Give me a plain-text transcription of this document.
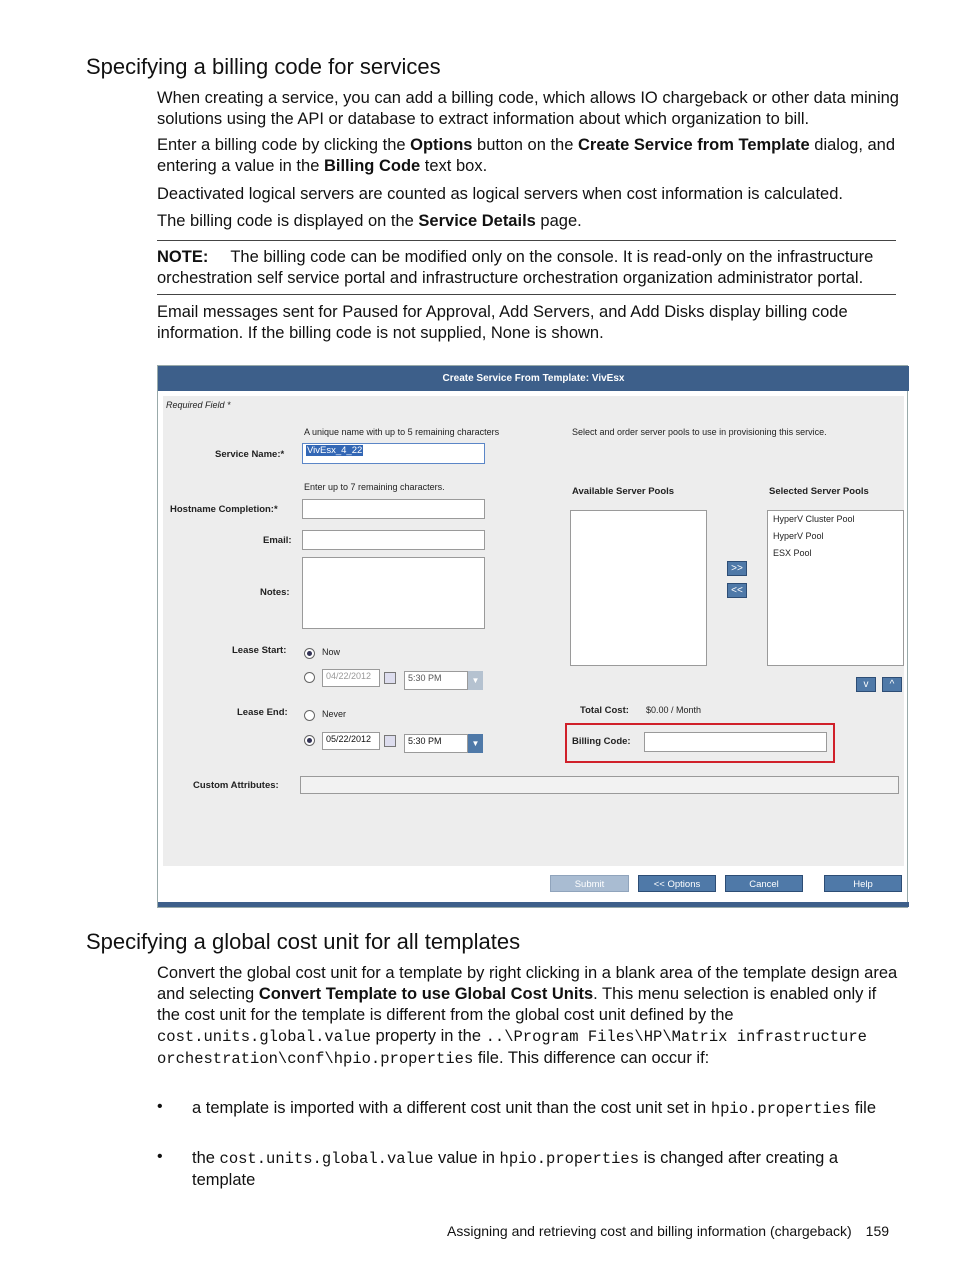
Specifying a billing code for services

When creating a service, you can add a billing code, which allows IO chargeback or other data mining solutions using the API or database to extract information about which organization to bill.

Enter a billing code by clicking the Options button on the Create Service from Template dialog, and entering a value in the Billing Code text box.

Deactivated logical servers are counted as logical servers when cost information is calculated.

The billing code is displayed on the Service Details page.

NOTE: The billing code can be modified only on the console. It is read-only on the infrastructure orchestration self service portal and infrastructure orchestration organization administrator portal.

Email messages sent for Paused for Approval, Add Servers, and Add Disks display billing code information. If the billing code is not supplied, None is shown.

Create Service From Template: VivEsx
Required Field *
A unique name with up to 5 remaining characters
Service Name:*	VivEsx_4_22
Enter up to 7 remaining characters.
Hostname Completion:*
Email:
Notes:
Lease Start:	Now
04/22/2012	5:30 PM	▼
Lease End:	Never
05/22/2012	5:30 PM	▼
Custom Attributes:
Select and order server pools to use in provisioning this service.
Available Server Pools	Selected Server Pools
>>
<<
HyperV Cluster Pool
HyperV Pool
ESX Pool
v	^
Total Cost: $0.00 / Month
Billing Code:
Submit	<< Options	Cancel	Help
Specifying a global cost unit for all templates

Convert the global cost unit for a template by right clicking in a blank area of the template design area and selecting Convert Template to use Global Cost Units. This menu selection is enabled only if the cost unit for the template is different from the global cost unit defined by the cost.units.global.value property in the ..\Program Files\HP\Matrix infrastructure orchestration\conf\hpio.properties file. This difference can occur if:

• a template is imported with a different cost unit than the cost unit set in hpio.properties file

• the cost.units.global.value value in hpio.properties is changed after creating a template

Assigning and retrieving cost and billing information (chargeback) 159
